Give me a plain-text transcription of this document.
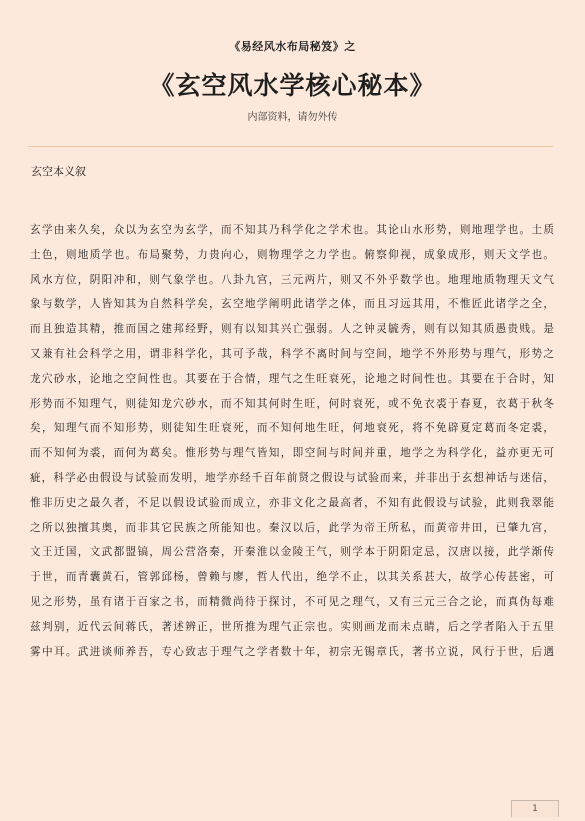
《易经风水布局秘笈》之
《玄空风水学核心秘本》
内部资料，请勿外传
玄空本义叙
玄学由来久矣，众以为玄空为玄学，而不知其乃科学化之学术也。其论山水形势，则地理学也。土质
土色，则地质学也。布局聚势，力贵向心，则物理学之力学也。俯察仰视，成象成形，则天文学也。
风水方位，阴阳冲和，则气象学也。八卦九宫，三元两片，则又不外乎数学也。地理地质物理天文气
象与数学，人皆知其为自然科学矣，玄空地学阐明此诸学之体，而且习远其用，不惟匠此诸学之全，
而且独造其精，推而国之建邦经野，则有以知其兴亡强弱。人之钟灵毓秀，则有以知其质愚贵贱。是
又兼有社会科学之用，谓非科学化，其可予哉，科学不离时间与空间，地学不外形势与理气，形势之
龙穴砂水，论地之空间性也。其要在于合情，理气之生旺衰死，论地之时间性也。其要在于合时，知
形势而不知理气，则徒知龙穴砂水，而不知其何时生旺，何时衰死，或不免衣裘于春夏，衣葛于秋冬
矣，知理气而不知形势，则徒知生旺衰死，而不知何地生旺，何地衰死，将不免辟夏定葛而冬定裘，
而不知何为裘，而何为葛矣。惟形势与理气皆知，即空间与时间并重，地学之为科学化，益亦更无可
疵，科学必由假设与试验而发明，地学亦经千百年前贤之假设与试验而来，并非出于玄想神话与迷信，
惟非历史之最久者，不足以假设试验而成立，亦非文化之最高者，不知有此假设与试验，此则我翠能
之所以独擅其奥，而非其它民族之所能知也。秦汉以后，此学为帝王所私，而黄帝井田，已肇九宫，
文王迁国，文武都盟镐，周公营洛秦，开秦淮以金陵王气，则学本于阴阳定忌，汉唐以接，此学渐传
于世，而青囊黄石，管郭邱杨，曾赖与廖，哲人代出，绝学不止，以其关系甚大，故学心传甚密，可
见之形势，虽有诸于百家之书，而精微尚待于探讨，不可见之理气，又有三元三合之论，而真伪每难
兹判别，近代云间蒋氏，著述辨正，世所推为理气正宗也。实则画龙而未点睛，后之学者陷入于五里
雾中耳。武进谈师养吾，专心致志于理气之学者数十年，初宗无锡章氏，著书立说，风行于世，后遇
1
